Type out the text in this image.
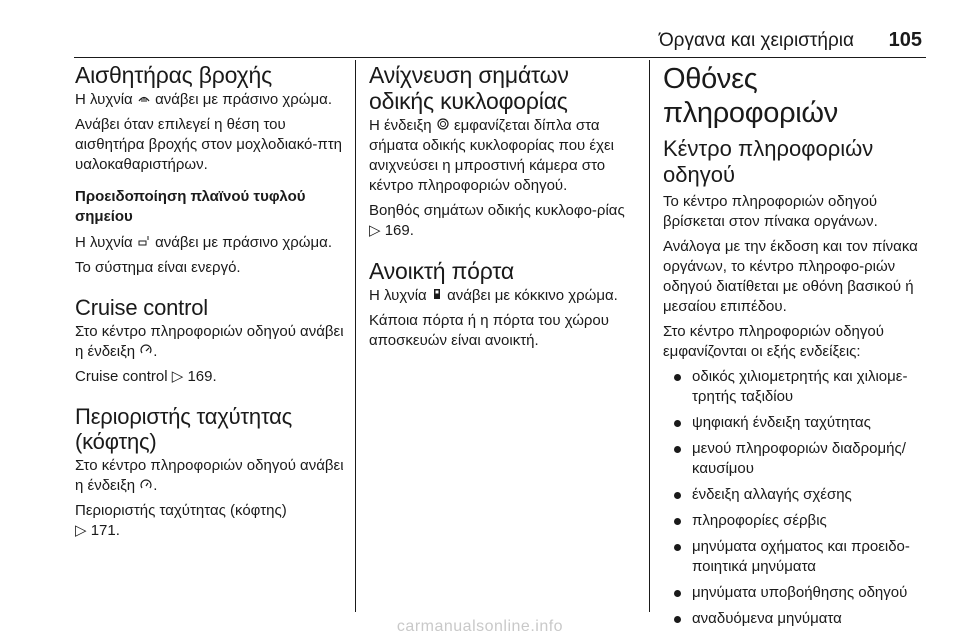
Όργανα και χειριστήρια 105
Αισθητήρας βροχής

Η λυχνία ανάβει με πράσινο χρώμα.

Ανάβει όταν επιλεγεί η θέση του αισθητήρα βροχής στον μοχλοδιακό-πτη υαλοκαθαριστήρων.

Προειδοποίηση πλαϊνού τυφλού σημείου

Η λυχνία ανάβει με πράσινο χρώμα.

Το σύστημα είναι ενεργό.

Cruise control

Στο κέντρο πληροφοριών οδηγού ανάβει η ένδειξη .

Cruise control ▷ 169.

Περιοριστής ταχύτητας (κόφτης)

Στο κέντρο πληροφοριών οδηγού ανάβει η ένδειξη .

Περιοριστής ταχύτητας (κόφτης)
▷ 171.

Ανίχνευση σημάτων οδικής κυκλοφορίας

Η ένδειξη εμφανίζεται δίπλα στα σήματα οδικής κυκλοφορίας που έχει ανιχνεύσει η μπροστινή κάμερα στο κέντρο πληροφοριών οδηγού.

Βοηθός σημάτων οδικής κυκλοφο-ρίας ▷ 169.

Ανοικτή πόρτα

Η λυχνία ανάβει με κόκκινο χρώμα.

Κάποια πόρτα ή η πόρτα του χώρου αποσκευών είναι ανοικτή.

Οθόνες πληροφοριών
Κέντρο πληροφοριών οδηγού

Το κέντρο πληροφοριών οδηγού βρίσκεται στον πίνακα οργάνων.

Ανάλογα με την έκδοση και τον πίνακα οργάνων, το κέντρο πληροφο-ριών οδηγού διατίθεται με οθόνη βασικού ή μεσαίου επιπέδου.

Στο κέντρο πληροφοριών οδηγού εμφανίζονται οι εξής ενδείξεις:

οδικός χιλιομετρητής και χιλιομε-τρητής ταξιδίου
ψηφιακή ένδειξη ταχύτητας
μενού πληροφοριών διαδρομής/ καυσίμου
ένδειξη αλλαγής σχέσης
πληροφορίες σέρβις
μηνύματα οχήματος και προειδο-ποιητικά μηνύματα
μηνύματα υποβοήθησης οδηγού
αναδυόμενα μηνύματα
carmanualsonline.info
